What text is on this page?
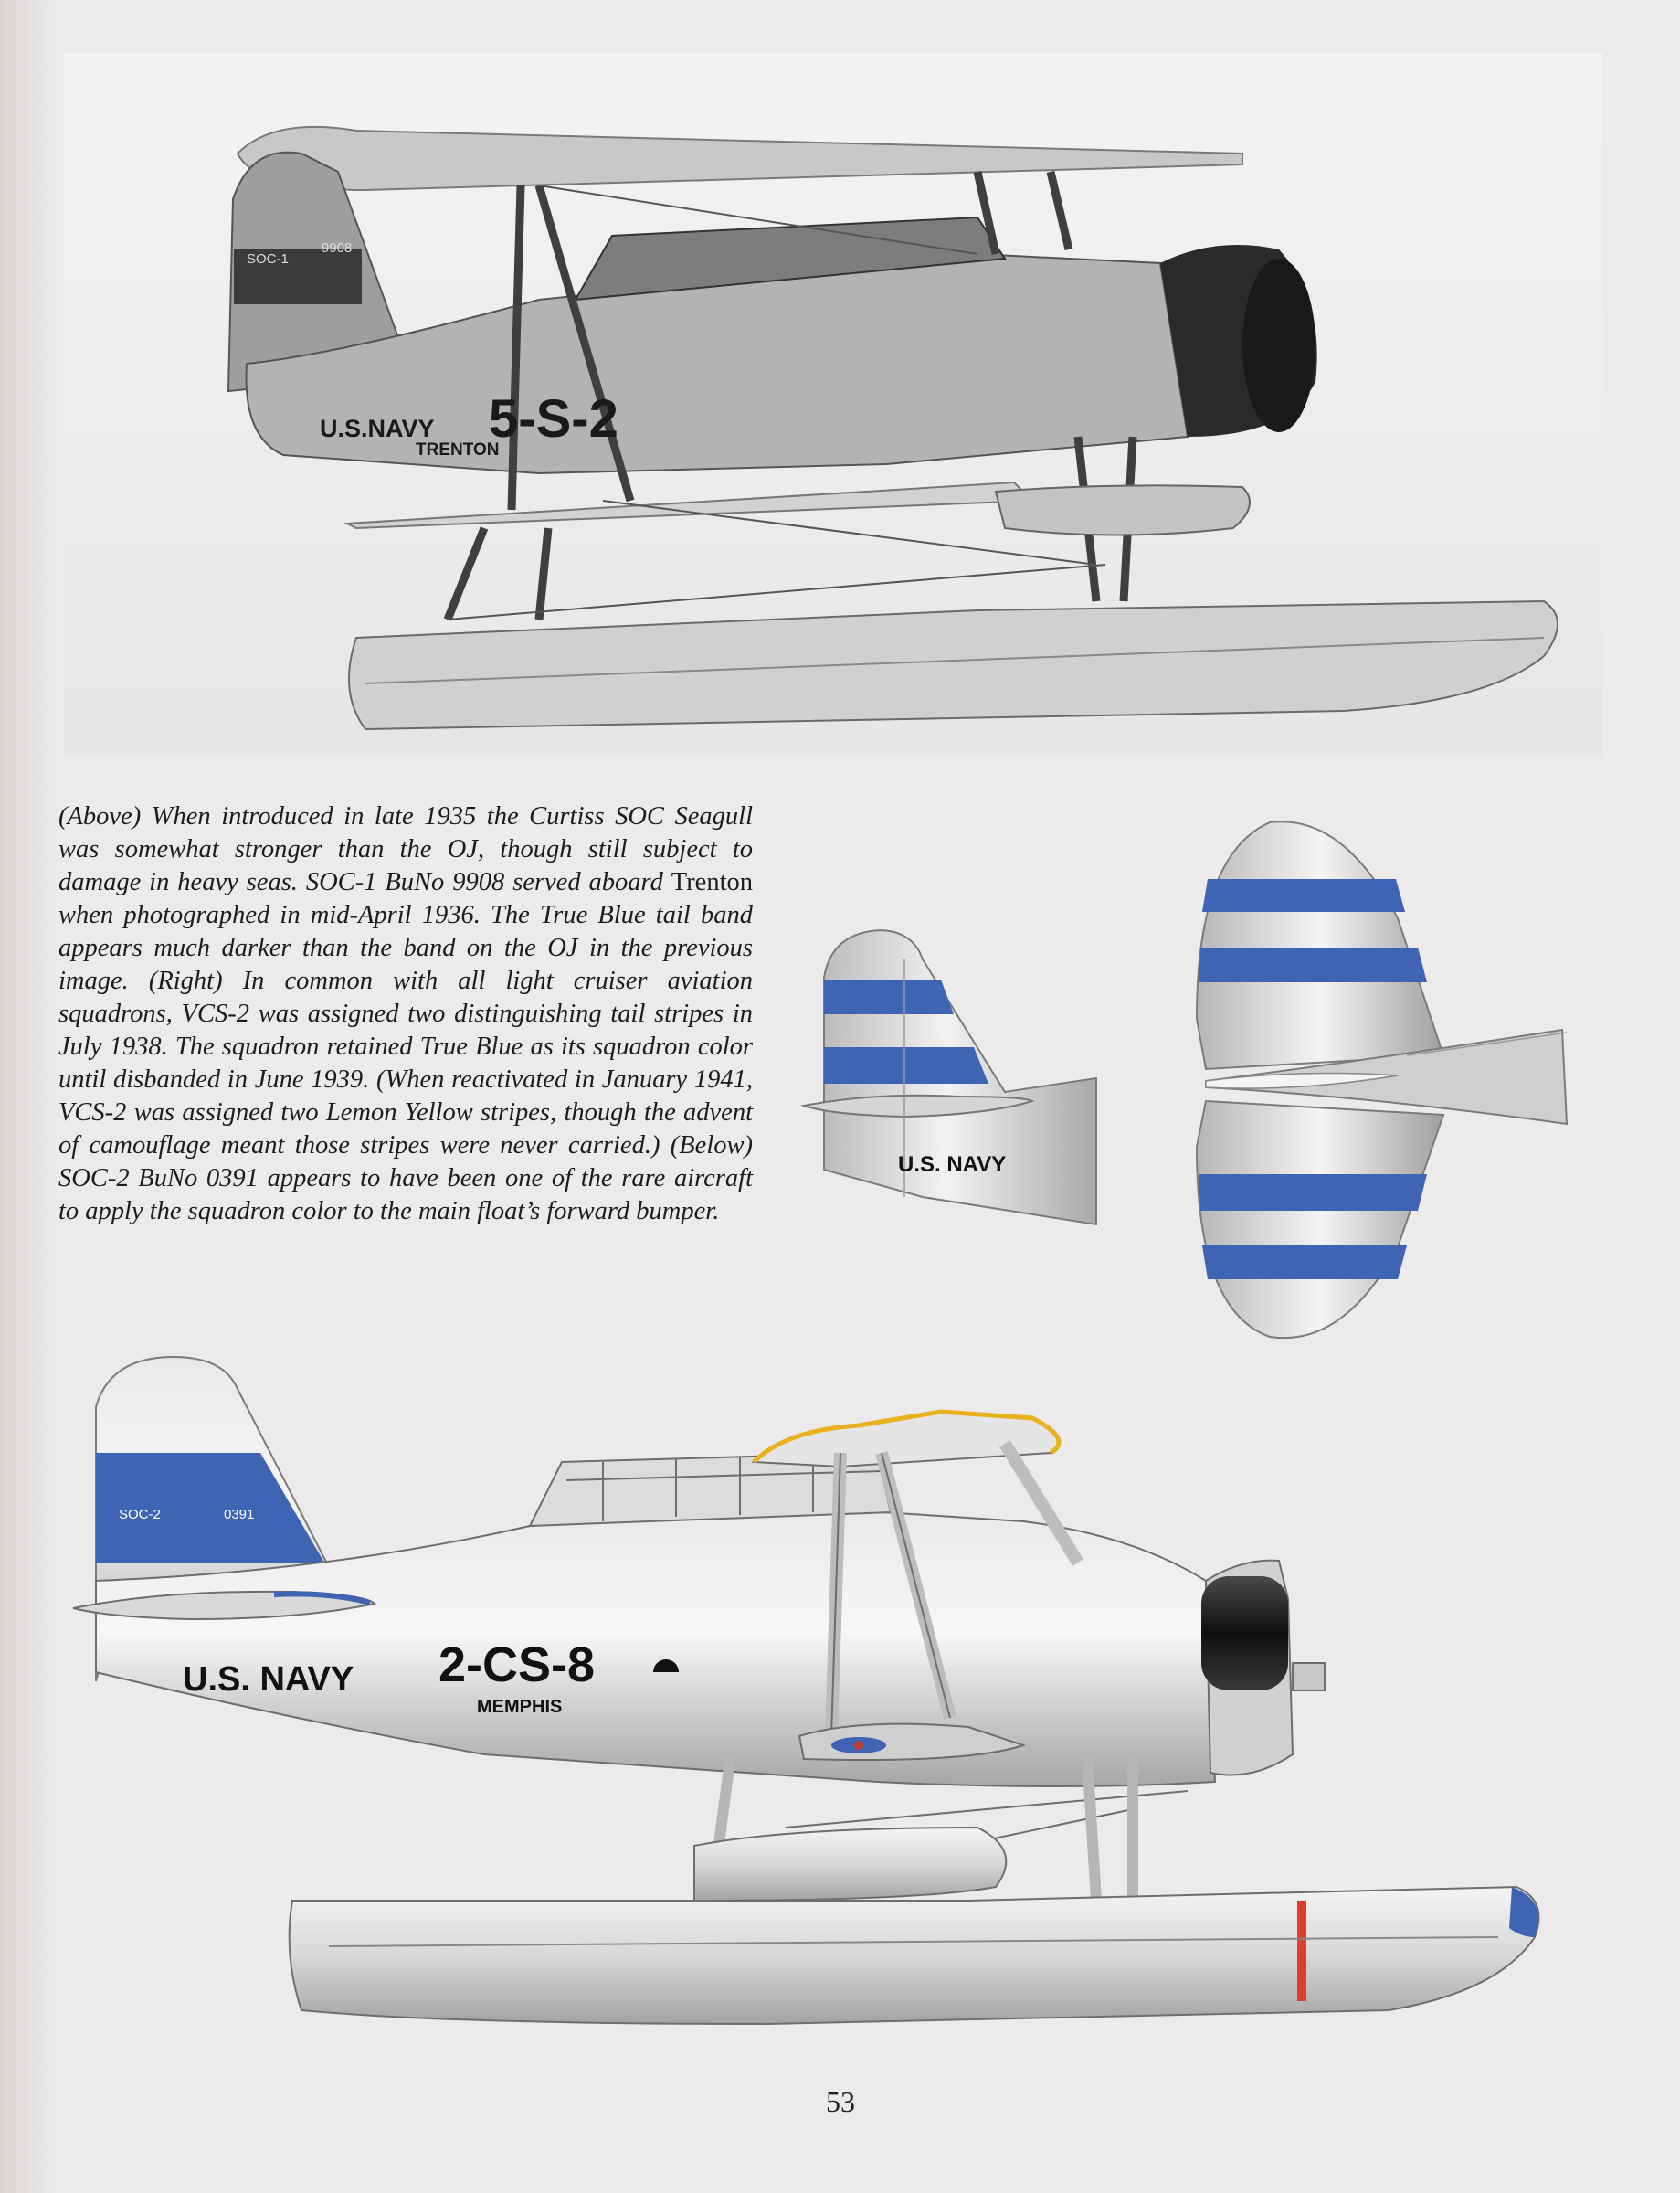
SOC-1
9908
U.S.NAVY
TRENTON
5-S-2
(Above) When introduced in late 1935 the Curtiss SOC Seagull was somewhat stronger than the OJ, though still subject to damage in heavy seas. SOC-1 BuNo 9908 served aboard Trenton when photographed in mid-April 1936. The True Blue tail band appears much darker than the band on the OJ in the previous image. (Right) In common with all light cruiser aviation squadrons, VCS-2 was assigned two distinguishing tail stripes in July 1938. The squadron retained True Blue as its squadron color until disbanded in June 1939. (When reactivated in January 1941, VCS-2 was assigned two Lemon Yellow stripes, though the advent of camouflage meant those stripes were never carried.) (Below) SOC-2 BuNo 0391 appears to have been one of the rare aircraft to apply the squadron color to the main float’s forward bumper.
U.S. NAVY
SOC-2	0391
U.S. NAVY 2-CS-8
MEMPHIS
53
